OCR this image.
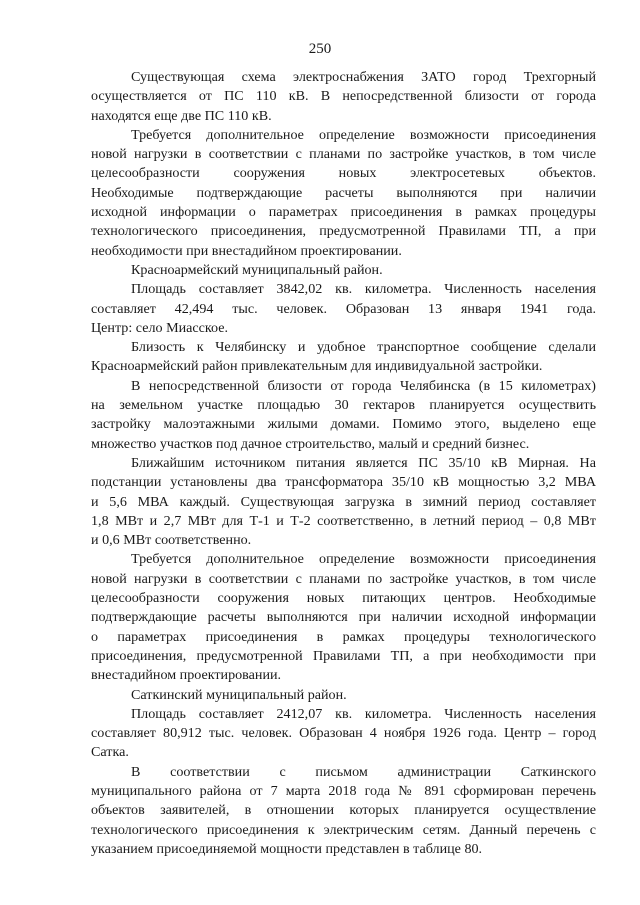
250
Существующая схема электроснабжения ЗАТО город Трехгорный
осуществляется от ПС 110 кВ. В непосредственной близости от города
находятся еще две ПС 110 кВ.
Требуется дополнительное определение возможности присоединения
новой нагрузки в соответствии с планами по застройке участков, в том числе
целесообразности сооружения новых электросетевых объектов.
Необходимые подтверждающие расчеты выполняются при наличии
исходной информации о параметрах присоединения в рамках процедуры
технологического присоединения, предусмотренной Правилами ТП, а при
необходимости при внестадийном проектировании.
Красноармейский муниципальный район.
Площадь составляет 3842,02 кв. километра. Численность населения
составляет 42,494 тыс. человек. Образован 13 января 1941 года.
Центр: село Миасское.
Близость к Челябинску и удобное транспортное сообщение сделали
Красноармейский район привлекательным для индивидуальной застройки.
В непосредственной близости от города Челябинска (в 15 километрах)
на земельном участке площадью 30 гектаров планируется осуществить
застройку малоэтажными жилыми домами. Помимо этого, выделено еще
множество участков под дачное строительство, малый и средний бизнес.
Ближайшим источником питания является ПС 35/10 кВ Мирная. На
подстанции установлены два трансформатора 35/10 кВ мощностью 3,2 МВА
и 5,6 МВА каждый. Существующая загрузка в зимний период составляет
1,8 МВт и 2,7 МВт для Т-1 и Т-2 соответственно, в летний период – 0,8 МВт
и 0,6 МВт соответственно.
Требуется дополнительное определение возможности присоединения
новой нагрузки в соответствии с планами по застройке участков, в том числе
целесообразности сооружения новых питающих центров. Необходимые
подтверждающие расчеты выполняются при наличии исходной информации
о параметрах присоединения в рамках процедуры технологического
присоединения, предусмотренной Правилами ТП, а при необходимости при
внестадийном проектировании.
Саткинский муниципальный район.
Площадь составляет 2412,07 кв. километра. Численность населения
составляет 80,912 тыс. человек. Образован 4 ноября 1926 года. Центр – город
Сатка.
В соответствии с письмом администрации Саткинского
муниципального района от 7 марта 2018 года № 891 сформирован перечень
объектов заявителей, в отношении которых планируется осуществление
технологического присоединения к электрическим сетям. Данный перечень с
указанием присоединяемой мощности представлен в таблице 80.
